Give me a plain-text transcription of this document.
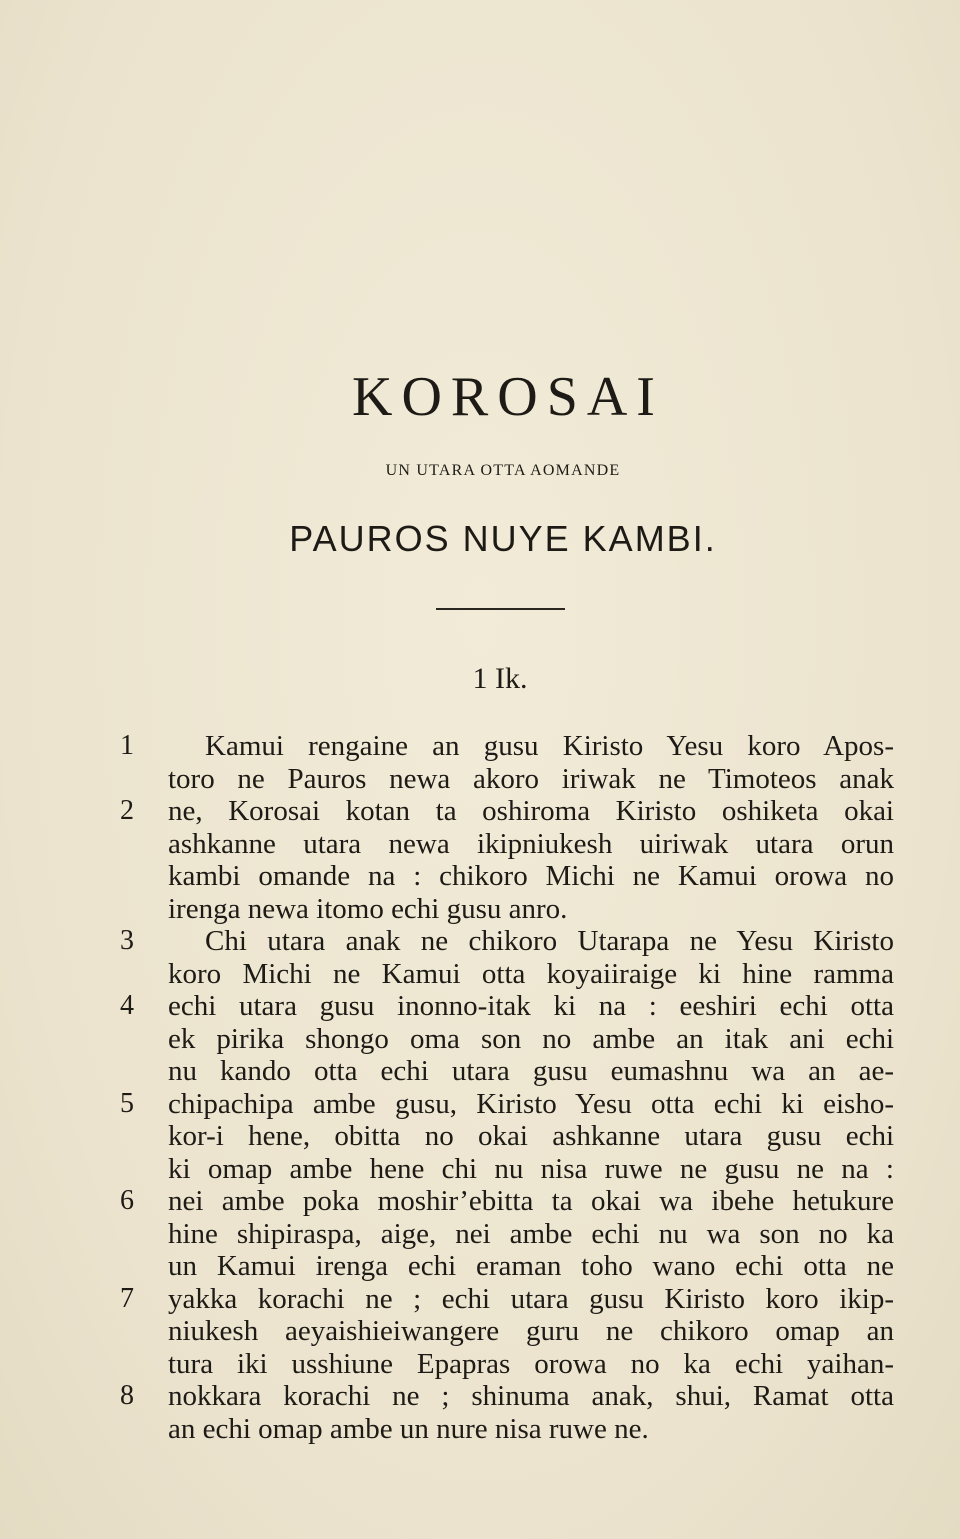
KOROSAI
UN UTARA OTTA AOMANDE
PAUROS NUYE KAMBI.
1 Ik.
1	Kamui rengaine an gusu Kiristo Yesu koro Apos-
toro ne Pauros newa akoro iriwak ne Timoteos anak
2	ne, Korosai kotan ta oshiroma Kiristo oshiketa okai
ashkanne utara newa ikipniukesh uiriwak utara orun
kambi omande na : chikoro Michi ne Kamui orowa no
irenga newa itomo echi gusu anro.
3	Chi utara anak ne chikoro Utarapa ne Yesu Kiristo
koro Michi ne Kamui otta koyaiiraige ki hine ramma
4	echi utara gusu inonno-itak ki na : eeshiri echi otta
ek pirika shongo oma son no ambe an itak ani echi
nu kando otta echi utara gusu eumashnu wa an ae-
5	chipachipa ambe gusu, Kiristo Yesu otta echi ki eisho-
kor-i hene, obitta no okai ashkanne utara gusu echi
ki omap ambe hene chi nu nisa ruwe ne gusu ne na :
6	nei ambe poka moshir’ebitta ta okai wa ibehe hetukure
hine shipiraspa, aige, nei ambe echi nu wa son no ka
un Kamui irenga echi eraman toho wano echi otta ne
7	yakka korachi ne ; echi utara gusu Kiristo koro ikip-
niukesh aeyaishieiwangere guru ne chikoro omap an
tura iki usshiune Epapras orowa no ka echi yaihan-
8	nokkara korachi ne ; shinuma anak, shui, Ramat otta
an echi omap ambe un nure nisa ruwe ne.
